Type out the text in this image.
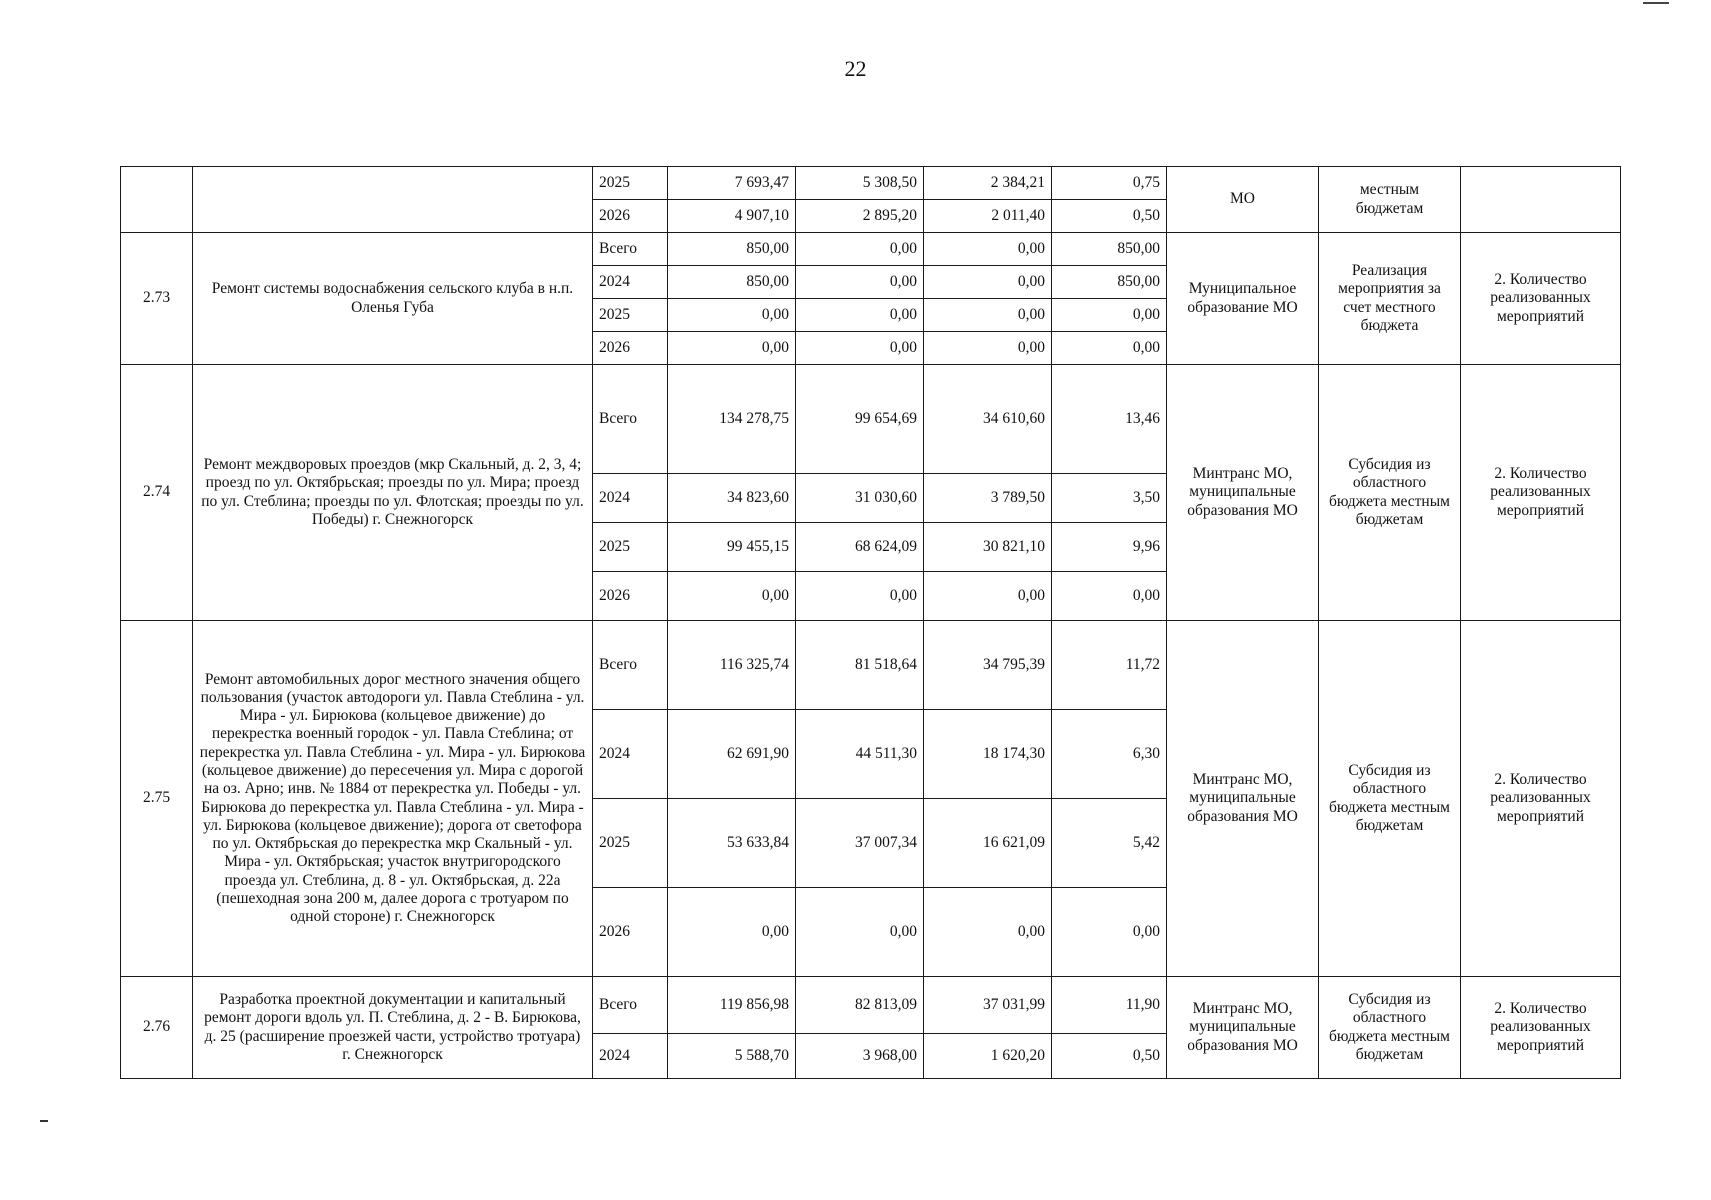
22
		2025	7 693,47	5 308,50	2 384,21	0,75	МО	местным бюджетам	
		2026	4 907,10	2 895,20	2 011,40	0,50			
2.73	Ремонт системы водоснабжения сельского клуба в н.п. Оленья Губа	Всего	850,00	0,00	0,00	850,00	Муниципальное образование МО	Реализация мероприятия за счет местного бюджета	2. Количество реализованных мероприятий
		2024	850,00	0,00	0,00	850,00			
		2025	0,00	0,00	0,00	0,00			
		2026	0,00	0,00	0,00	0,00			
2.74	Ремонт междворовых проездов (мкр Скальный, д. 2, 3, 4; проезд по ул. Октябрьская; проезды по ул. Мира; проезд по ул. Стеблина; проезды по ул. Флотская; проезды по ул. Победы) г. Снежногорск	Всего	134 278,75	99 654,69	34 610,60	13,46	Минтранс МО, муниципальные образования МО	Субсидия из областного бюджета местным бюджетам	2. Количество реализованных мероприятий
		2024	34 823,60	31 030,60	3 789,50	3,50			
		2025	99 455,15	68 624,09	30 821,10	9,96			
		2026	0,00	0,00	0,00	0,00			
2.75	Ремонт автомобильных дорог местного значения общего пользования (участок автодороги ул. Павла Стеблина - ул. Мира - ул. Бирюкова (кольцевое движение) до перекрестка военный городок - ул. Павла Стеблина; от перекрестка ул. Павла Стеблина - ул. Мира - ул. Бирюкова (кольцевое движение) до пересечения ул. Мира с дорогой на оз. Арно; инв. № 1884 от перекрестка ул. Победы - ул. Бирюкова до перекрестка ул. Павла Стеблина - ул. Мира - ул. Бирюкова (кольцевое движение); дорога от светофора по ул. Октябрьская до перекрестка мкр Скальный - ул. Мира - ул. Октябрьская; участок внутригородского проезда ул. Стеблина, д. 8 - ул. Октябрьская, д. 22а (пешеходная зона 200 м, далее дорога с тротуаром по одной стороне) г. Снежногорск	Всего	116 325,74	81 518,64	34 795,39	11,72	Минтранс МО, муниципальные образования МО	Субсидия из областного бюджета местным бюджетам	2. Количество реализованных мероприятий
		2024	62 691,90	44 511,30	18 174,30	6,30			
		2025	53 633,84	37 007,34	16 621,09	5,42			
		2026	0,00	0,00	0,00	0,00			
2.76	Разработка проектной документации и капитальный ремонт дороги вдоль ул. П. Стеблина, д. 2 - В. Бирюкова, д. 25 (расширение проезжей части, устройство тротуара) г. Снежногорск	Всего	119 856,98	82 813,09	37 031,99	11,90	Минтранс МО, муниципальные образования МО	Субсидия из областного бюджета местным бюджетам	2. Количество реализованных мероприятий
		2024	5 588,70	3 968,00	1 620,20	0,50			
